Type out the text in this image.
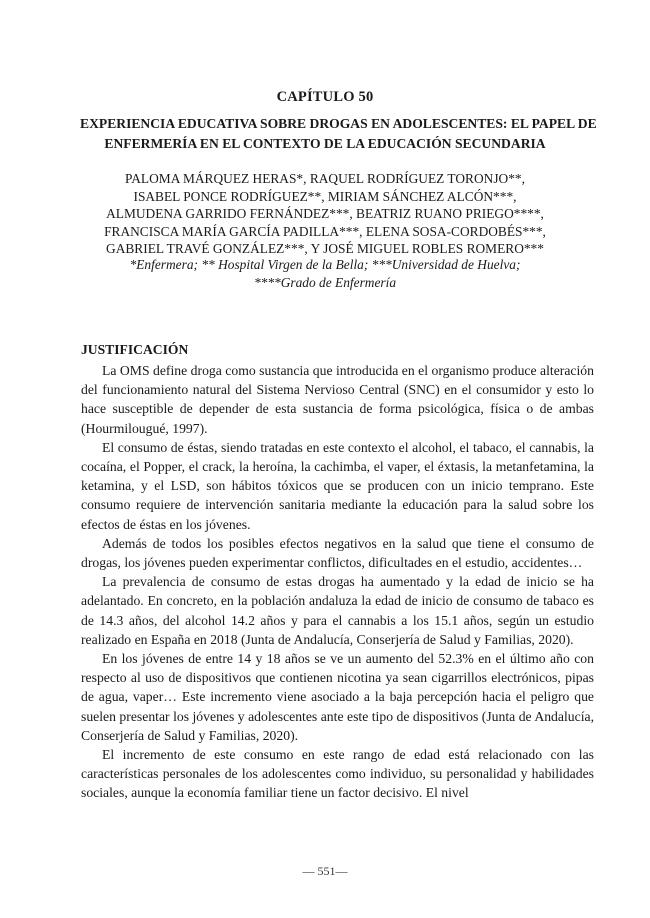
CAPÍTULO 50
EXPERIENCIA EDUCATIVA SOBRE DROGAS EN ADOLESCENTES: EL PAPEL DE
ENFERMERÍA EN EL CONTEXTO DE LA EDUCACIÓN SECUNDARIA
PALOMA MÁRQUEZ HERAS*, RAQUEL RODRÍGUEZ TORONJO**,
ISABEL PONCE RODRÍGUEZ**, MIRIAM SÁNCHEZ ALCÓN***,
ALMUDENA GARRIDO FERNÁNDEZ***, BEATRIZ RUANO PRIEGO****,
FRANCISCA MARÍA GARCÍA PADILLA***, ELENA SOSA-CORDOBÉS***,
GABRIEL TRAVÉ GONZÁLEZ***, Y JOSÉ MIGUEL ROBLES ROMERO***
*Enfermera; ** Hospital Virgen de la Bella; ***Universidad de Huelva;
****Grado de Enfermería
JUSTIFICACIÓN

La OMS define droga como sustancia que introducida en el organismo produce alteración del funcionamiento natural del Sistema Nervioso Central (SNC) en el consumidor y esto lo hace susceptible de depender de esta sustancia de forma psicológica, física o de ambas (Hourmilougué, 1997).

El consumo de éstas, siendo tratadas en este contexto el alcohol, el tabaco, el cannabis, la cocaína, el Popper, el crack, la heroína, la cachimba, el vaper, el éxtasis, la metanfetamina, la ketamina, y el LSD, son hábitos tóxicos que se producen con un inicio temprano. Este consumo requiere de intervención sanitaria mediante la educación para la salud sobre los efectos de éstas en los jóvenes.

Además de todos los posibles efectos negativos en la salud que tiene el consumo de drogas, los jóvenes pueden experimentar conflictos, dificultades en el estudio, accidentes…

La prevalencia de consumo de estas drogas ha aumentado y la edad de inicio se ha adelantado. En concreto, en la población andaluza la edad de inicio de consumo de tabaco es de 14.3 años, del alcohol 14.2 años y para el cannabis a los 15.1 años, según un estudio realizado en España en 2018 (Junta de Andalucía, Conserjería de Salud y Familias, 2020).

En los jóvenes de entre 14 y 18 años se ve un aumento del 52.3% en el último año con respecto al uso de dispositivos que contienen nicotina ya sean cigarrillos electrónicos, pipas de agua, vaper… Este incremento viene asociado a la baja percepción hacia el peligro que suelen presentar los jóvenes y adolescentes ante este tipo de dispositivos (Junta de Andalucía, Conserjería de Salud y Familias, 2020).

El incremento de este consumo en este rango de edad está relacionado con las características personales de los adolescentes como individuo, su personalidad y habilidades sociales, aunque la economía familiar tiene un factor decisivo. El nivel

— 551—
